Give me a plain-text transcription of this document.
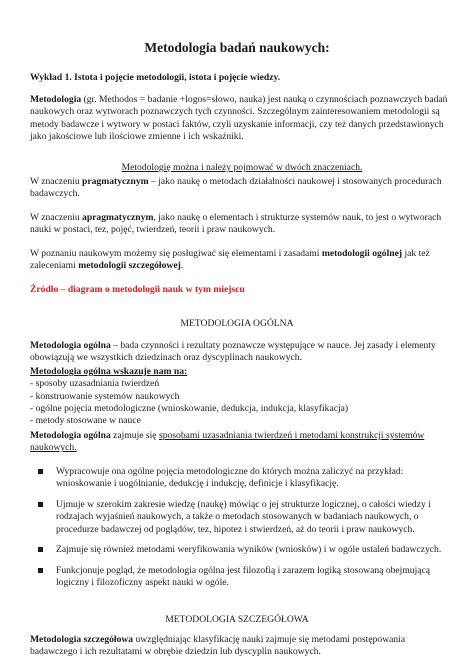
Metodologia badań naukowych:

Wykład 1. Istota i pojęcie metodologii, istota i pojęcie wiedzy.

Metodologia (gr. Methodos = badanie +logos=słowo, nauka) jest nauką o czynnościach poznawczych badań naukowych oraz wytworach poznawczych tych czynności. Szczególnym zainteresowaniem metodologii są metody badawcze i wytwory w postaci faktów, czyli uzyskanie informacji, czy też danych przedstawionych jako jakościowe lub ilościowe zmienne i ich wskaźniki.

Metodologię można i należy pojmować w dwóch znaczeniach.

W znaczeniu pragmatycznym – jako naukę o metodach działalności naukowej i stosowanych procedurach badawczych.

W znaczeniu apragmatycznym, jako naukę o elementach i strukturze systemów nauk, to jest o wytworach nauki w postaci, tez, pojęć, twierdzeń, teorii i praw naukowych.

W poznaniu naukowym możemy się posługiwać się elementami i zasadami metodologii ogólnej jak też zaleceniami metodologii szczegółowej.

Źródło – diagram o metodologii nauk w tym miejscu

METODOLOGIA OGÓLNA

Metodologia ogólna – bada czynności i rezultaty poznawcze występujące w nauce. Jej zasady i elementy obowiązują we wszystkich dziedzinach oraz dyscyplinach naukowych.

Metodologia ogólna wskazuje nam na:
- sposoby uzasadniania twierdzeń
- konstruowanie systemów naukowych
- ogólne pojęcia metodologiczne (wnioskowanie, dedukcja, indukcja, klasyfikacja)
- metody stosowane w nauce

Metodologia ogólna zajmuje się sposobami uzasadniania twierdzeń i metodami konstrukcji systemów naukowych.

Wypracowuje ona ogólne pojęcia metodologiczne do których można zaliczyć na przykład: wnioskowanie i uogólnianie, dedukcję i indukcję, definicje i klasyfikację.
Ujmuje w szerokim zakresie wiedzę (naukę) mówiąc o jej strukturze logicznej, o całości wiedzy i rodzajach wyjaśnień naukowych, a także o metodach stosowanych w badaniach naukowych, o procedurze badawczej od poglądów, tez, hipotez i stwierdzeń, aż do teorii i praw naukowych.
Zajmuje się również metodami weryfikowania wyników (wniosków) i w ogóle ustaleń badawczych.
Funkcjonuje pogląd, że metodologia ogólna jest filozofią i zarazem logiką stosowaną obejmującą logiczny i filozoficzny aspekt nauki w ogóle.
METODOLOGIA SZCZEGÓŁOWA

Metodologia szczegółowa uwzględniając klasyfikację nauki zajmuje się metodami postępowania badawczego i ich rezultatami w obrębie dziedzin lub dyscyplin naukowych.
